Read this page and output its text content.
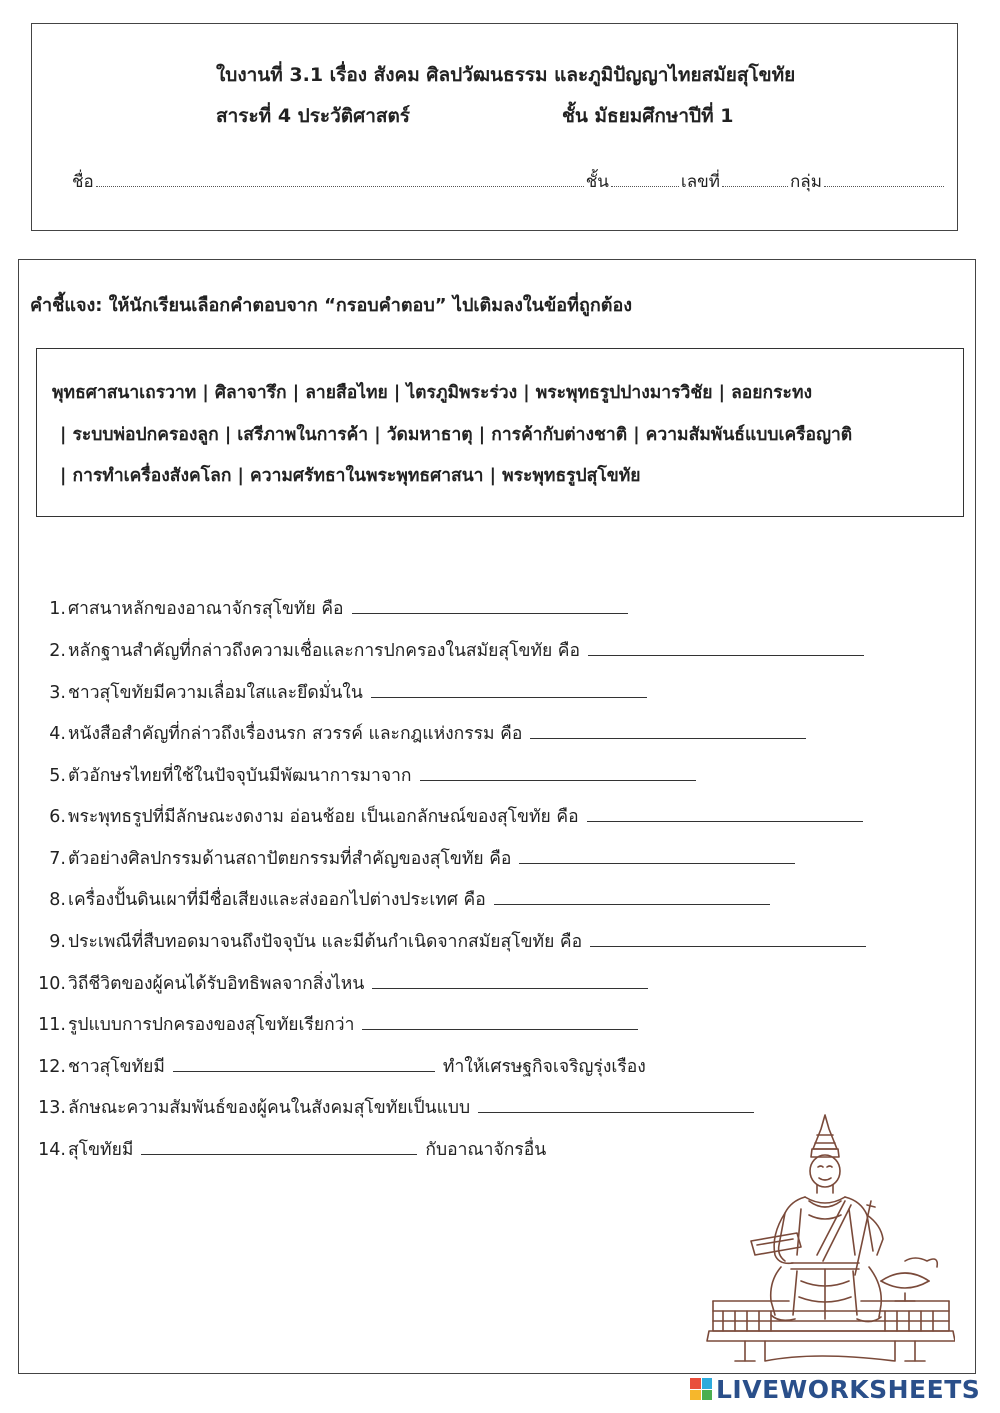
ใบงานที่ 3.1 เรื่อง สังคม ศิลปวัฒนธรรม และภูมิปัญญาไทยสมัยสุโขทัย
สาระที่ 4 ประวัติศาสตร์	ชั้น มัธยมศึกษาปีที่ 1
ชื่อ	ชั้น	เลขที่	กลุ่ม
คำชี้แจง: ให้นักเรียนเลือกคำตอบจาก “กรอบคำตอบ” ไปเติมลงในข้อที่ถูกต้อง
พุทธศาสนาเถรวาท | ศิลาจารึก | ลายสือไทย | ไตรภูมิพระร่วง | พระพุทธรูปปางมารวิชัย | ลอยกระทง
| ระบบพ่อปกครองลูก | เสรีภาพในการค้า | วัดมหาธาตุ | การค้ากับต่างชาติ | ความสัมพันธ์แบบเครือญาติ
| การทำเครื่องสังคโลก | ความศรัทธาในพระพุทธศาสนา | พระพุทธรูปสุโขทัย
1. ศาสนาหลักของอาณาจักรสุโขทัย คือ
2. หลักฐานสำคัญที่กล่าวถึงความเชื่อและการปกครองในสมัยสุโขทัย คือ
3. ชาวสุโขทัยมีความเลื่อมใสและยึดมั่นใน
4. หนังสือสำคัญที่กล่าวถึงเรื่องนรก สวรรค์ และกฎแห่งกรรม คือ
5. ตัวอักษรไทยที่ใช้ในปัจจุบันมีพัฒนาการมาจาก
6. พระพุทธรูปที่มีลักษณะงดงาม อ่อนช้อย เป็นเอกลักษณ์ของสุโขทัย คือ
7. ตัวอย่างศิลปกรรมด้านสถาปัตยกรรมที่สำคัญของสุโขทัย คือ
8. เครื่องปั้นดินเผาที่มีชื่อเสียงและส่งออกไปต่างประเทศ คือ
9. ประเพณีที่สืบทอดมาจนถึงปัจจุบัน และมีต้นกำเนิดจากสมัยสุโขทัย คือ
10. วิถีชีวิตของผู้คนได้รับอิทธิพลจากสิ่งไหน
11. รูปแบบการปกครองของสุโขทัยเรียกว่า
12. ชาวสุโขทัยมี	ทำให้เศรษฐกิจเจริญรุ่งเรือง
13. ลักษณะความสัมพันธ์ของผู้คนในสังคมสุโขทัยเป็นแบบ
14. สุโขทัยมี	กับอาณาจักรอื่น
LIVEWORKSHEETS
